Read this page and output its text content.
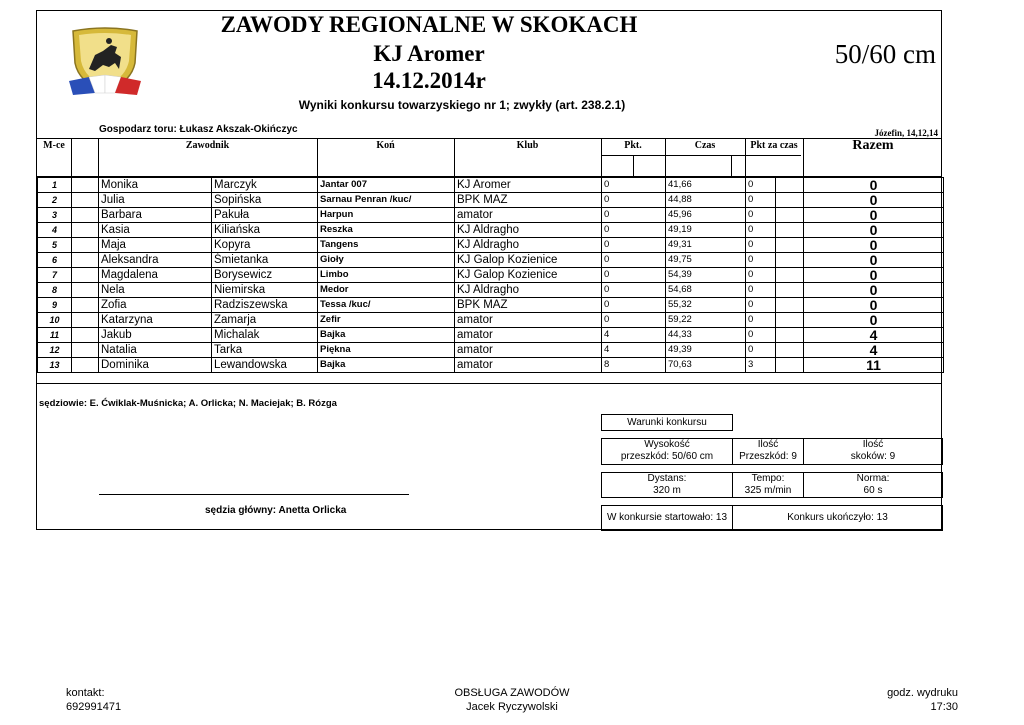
ZAWODY REGIONALNE W SKOKACH
KJ Aromer
14.12.2014r
Wyniki konkursu towarzyskiego nr 1; zwykły (art. 238.2.1)
50/60 cm
Gospodarz toru: Łukasz Akszak-Okińczyc	Józefin, 14,12,14
M-ce	Zawodnik	Koń	Klub	Pkt.	Czas	Pkt za czas	Razem
1		Monika	Marczyk	Jantar 007	KJ Aromer	0	41,66	0		0
2		Julia	Sopińska	Sarnau Penran /kuc/	BPK MAZ	0	44,88	0		0
3		Barbara	Pakuła	Harpun	amator	0	45,96	0		0
4		Kasia	Kiliańska	Reszka	KJ Aldragho	0	49,19	0		0
5		Maja	Kopyra	Tangens	KJ Aldragho	0	49,31	0		0
6		Aleksandra	Śmietanka	Gioły	KJ Galop Kozienice	0	49,75	0		0
7		Magdalena	Borysewicz	Limbo	KJ Galop Kozienice	0	54,39	0		0
8		Nela	Niemirska	Medor	KJ Aldragho	0	54,68	0		0
9		Zofia	Radziszewska	Tessa /kuc/	BPK MAZ	0	55,32	0		0
10		Katarzyna	Zamarja	Zefir	amator	0	59,22	0		0
11		Jakub	Michalak	Bajka	amator	4	44,33	0		4
12		Natalia	Tarka	Piękna	amator	4	49,39	0		4
13		Dominika	Lewandowska	Bajka	amator	8	70,63	3		11
sędziowie: E. Ćwiklak-Muśnicka; A. Orlicka; N. Maciejak; B. Rózga
Warunki konkursu
Wysokość
przeszkód: 50/60 cm
Ilość
Przeszkód: 9
Ilość
skoków: 9
Dystans:
320 m
Tempo:
325 m/min
Norma:
60 s
W konkursie startowało: 13	Konkurs ukończyło: 13
sędzia główny: Anetta Orlicka
kontakt:
692991471
OBSŁUGA ZAWODÓW
Jacek Ryczywolski
godz. wydruku
17:30
